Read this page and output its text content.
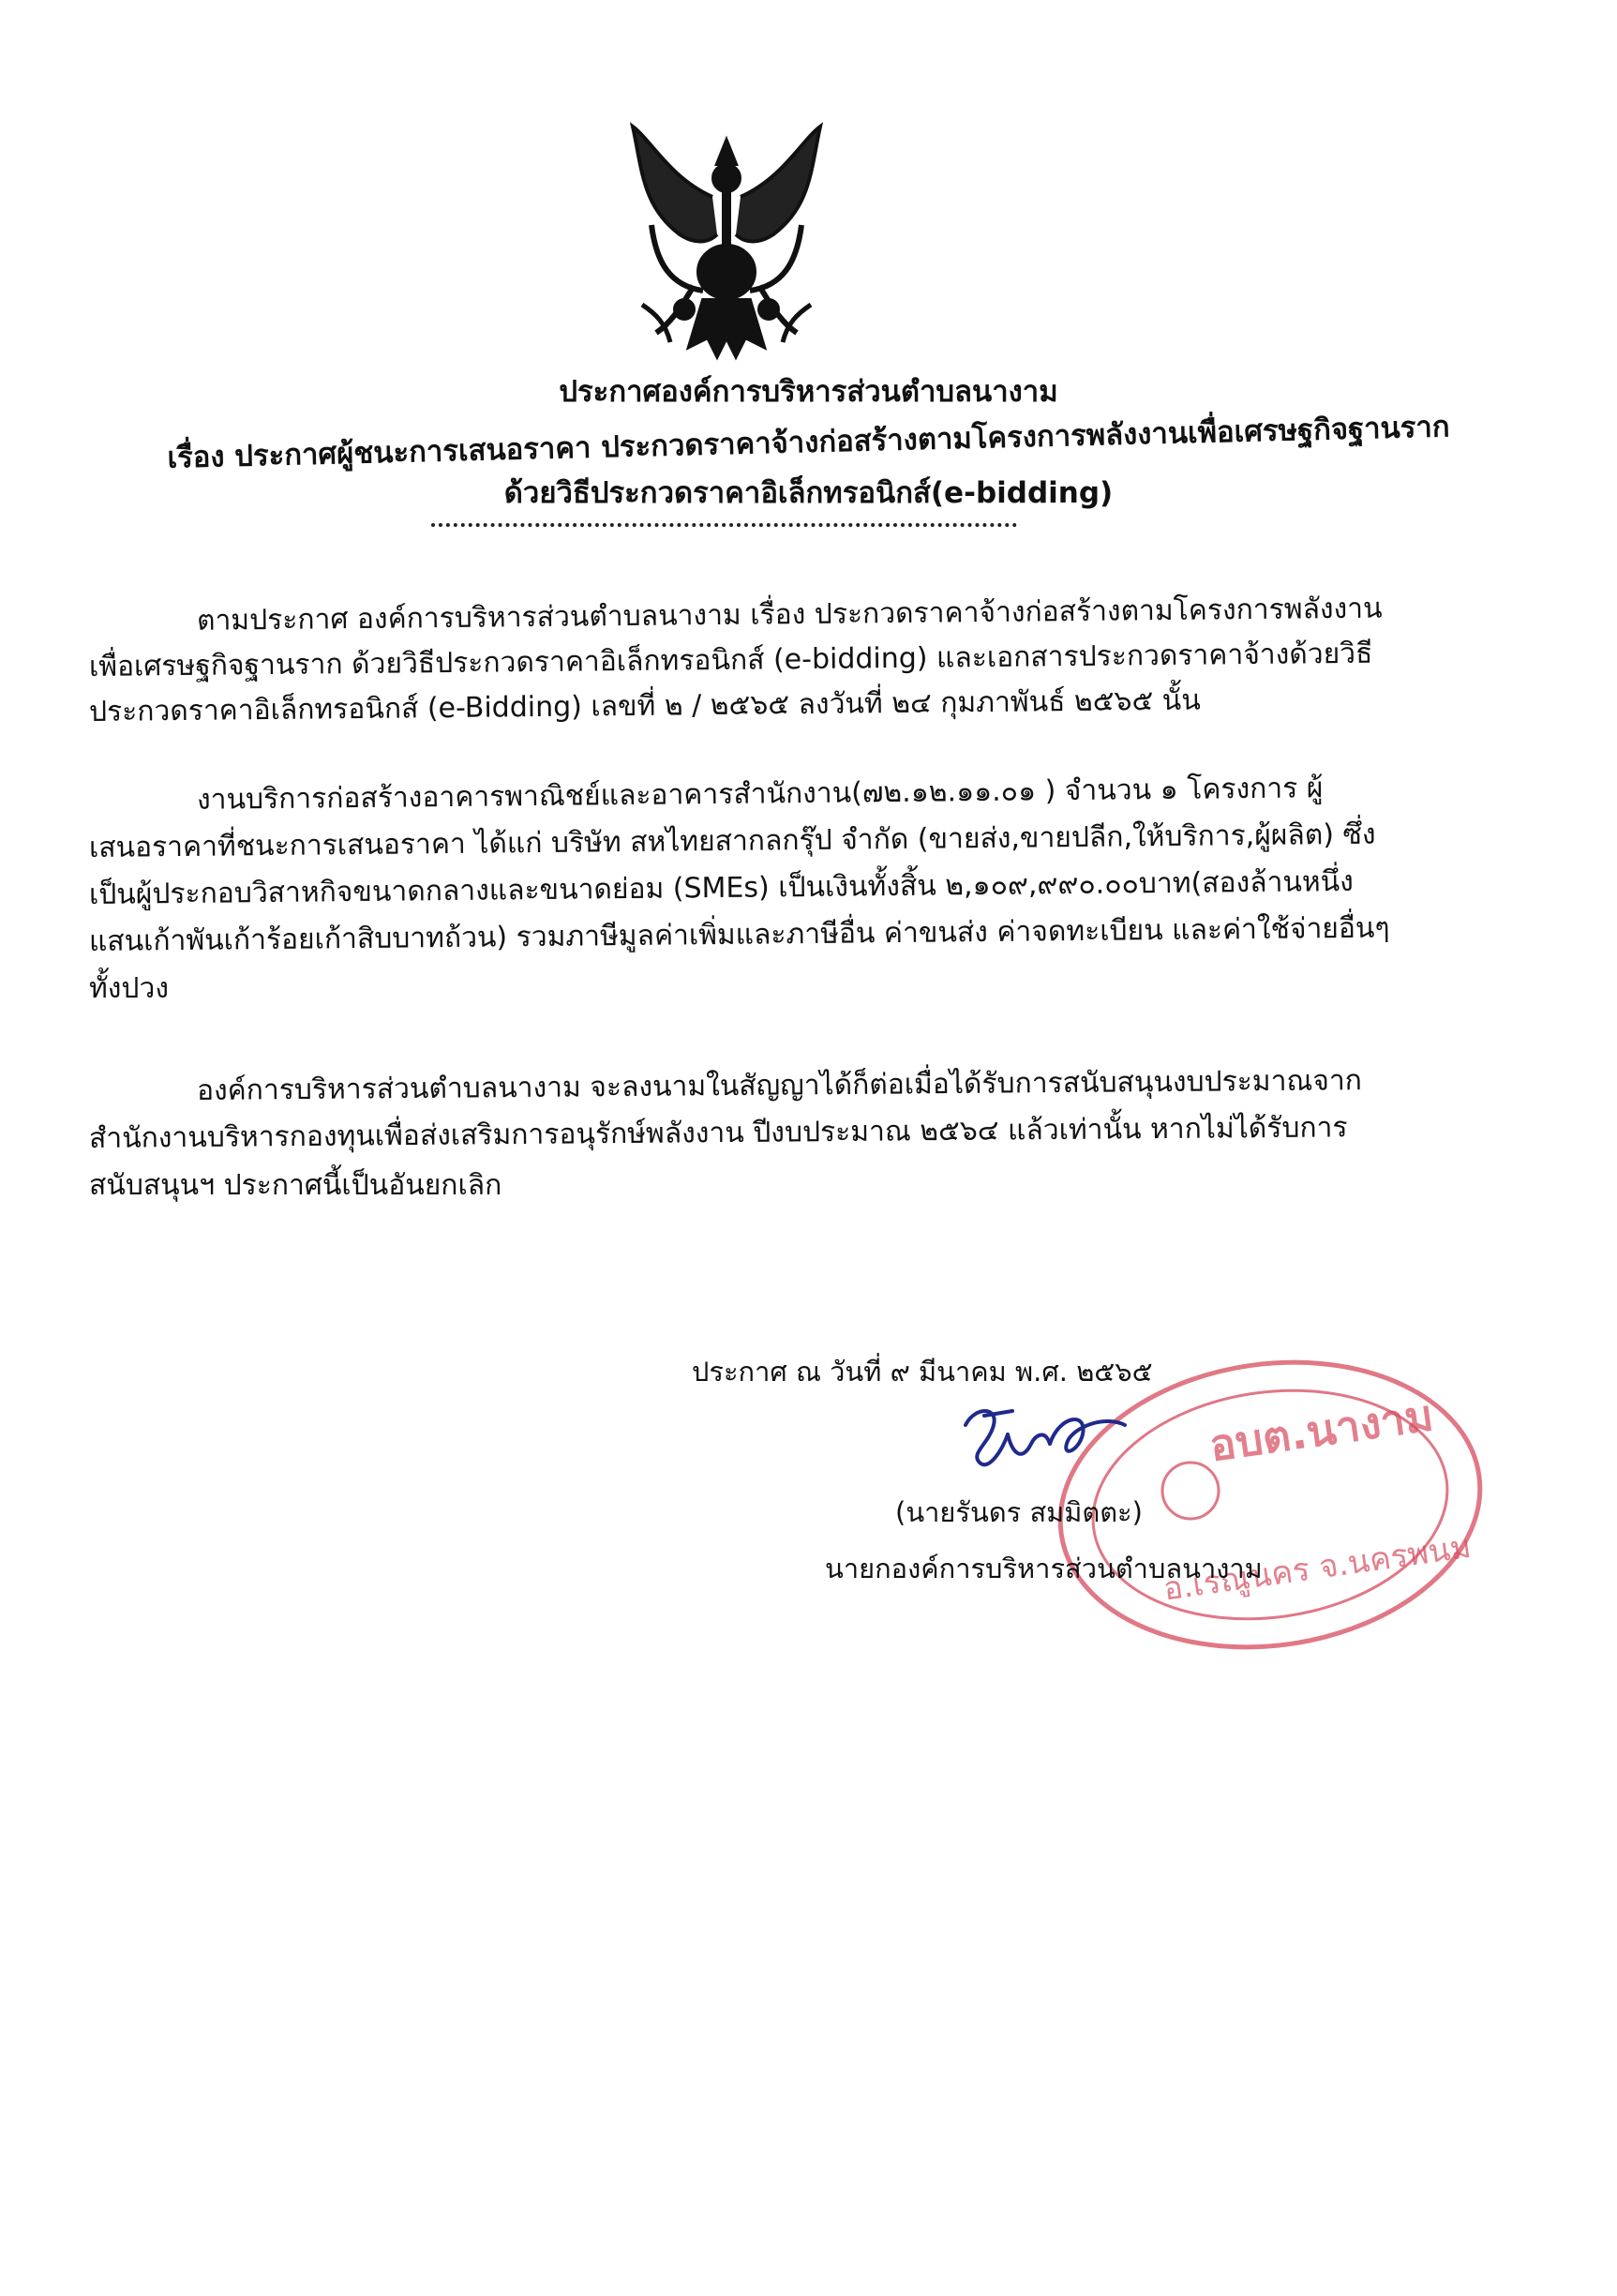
ประกาศองค์การบริหารส่วนตำบลนางาม
เรื่อง ประกาศผู้ชนะการเสนอราคา ประกวดราคาจ้างก่อสร้างตามโครงการพลังงานเพื่อเศรษฐกิจฐานราก
ด้วยวิธีประกวดราคาอิเล็กทรอนิกส์(e-bidding)
ตามประกาศ องค์การบริหารส่วนตำบลนางาม เรื่อง ประกวดราคาจ้างก่อสร้างตามโครงการพลังงาน
เพื่อเศรษฐกิจฐานราก ด้วยวิธีประกวดราคาอิเล็กทรอนิกส์ (e-bidding) และเอกสารประกวดราคาจ้างด้วยวิธี
ประกวดราคาอิเล็กทรอนิกส์ (e-Bidding) เลขที่ ๒ / ๒๕๖๕ ลงวันที่ ๒๔ กุมภาพันธ์ ๒๕๖๕ นั้น
งานบริการก่อสร้างอาคารพาณิชย์และอาคารสำนักงาน(๗๒.๑๒.๑๑.๐๑ ) จำนวน ๑ โครงการ ผู้
เสนอราคาที่ชนะการเสนอราคา ได้แก่ บริษัท สหไทยสากลกรุ๊ป จำกัด (ขายส่ง,ขายปลีก,ให้บริการ,ผู้ผลิต) ซึ่ง
เป็นผู้ประกอบวิสาหกิจขนาดกลางและขนาดย่อม (SMEs) เป็นเงินทั้งสิ้น ๒,๑๐๙,๙๙๐.๐๐บาท(สองล้านหนึ่ง
แสนเก้าพันเก้าร้อยเก้าสิบบาทถ้วน) รวมภาษีมูลค่าเพิ่มและภาษีอื่น ค่าขนส่ง ค่าจดทะเบียน และค่าใช้จ่ายอื่นๆ
ทั้งปวง
องค์การบริหารส่วนตำบลนางาม จะลงนามในสัญญาได้ก็ต่อเมื่อได้รับการสนับสนุนงบประมาณจาก
สำนักงานบริหารกองทุนเพื่อส่งเสริมการอนุรักษ์พลังงาน ปีงบประมาณ ๒๕๖๔ แล้วเท่านั้น หากไม่ได้รับการ
สนับสนุนฯ ประกาศนี้เป็นอันยกเลิก
อบต.นางาม
อ.เรณูนคร จ.นครพนม
ประกาศ ณ วันที่ ๙ มีนาคม พ.ศ. ๒๕๖๕
(นายรันดร สมมิตตะ)
นายกองค์การบริหารส่วนตำบลนางาม
